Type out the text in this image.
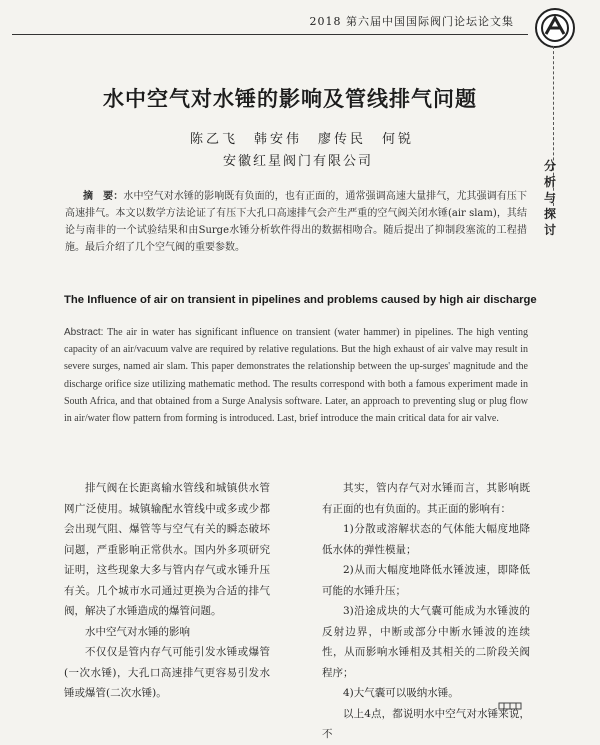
2018 第六届中国国际阀门论坛论文集
分析与探讨
水中空气对水锤的影响及管线排气问题
陈乙飞　韩安伟　廖传民　何锐
安徽红星阀门有限公司
摘　要：水中空气对水锤的影响既有负面的，也有正面的，通常强调高速大量排气，尤其强调有压下高速排气。本文以数学方法论证了有压下大孔口高速排气会产生严重的空气阀关闭水锤(air slam)，其结论与南非的一个试验结果和由Surge水锤分析软件得出的数据相吻合。随后提出了抑制段塞流的工程措施。最后介绍了几个空气阀的重要参数。
The Influence of air on transient in pipelines and problems caused by high air discharge
Abstract: The air in water has significant influence on transient (water hammer) in pipelines. The high venting capacity of an air/vacuum valve are required by relative regulations. But the high exhaust of air valve may result in severe surges, named air slam. This paper demonstrates the relationship between the up-surges' magnitude and the discharge orifice size utilizing mathematic method. The results correspond with both a famous experiment made in South Africa, and that obtained from a Surge Analysis software. Later, an approach to preventing slug or plug flow in air/water flow pattern from forming is introduced. Last, brief introduce the main critical data for air valve.

排气阀在长距离输水管线和城镇供水管网广泛使用。城镇输配水管线中或多或少都会出现气阻、爆管等与空气有关的瞬态破坏问题，严重影响正常供水。国内外多项研究证明，这些现象大多与管内存气或水锤升压有关。几个城市水司通过更换为合适的排气阀，解决了水锤造成的爆管问题。

水中空气对水锤的影响

不仅仅是管内存气可能引发水锤或爆管(一次水锤)，大孔口高速排气更容易引发水锤或爆管(二次水锤)。

其实，管内存气对水锤而言，其影响既有正面的也有负面的。其正面的影响有：

1)分散或溶解状态的气体能大幅度地降低水体的弹性模量；

2)从而大幅度地降低水锤波速，即降低可能的水锤升压；

3)沿途成块的大气囊可能成为水锤波的反射边界，中断或部分中断水锤波的连续性，从而影响水锤相及其相关的二阶段关阀程序；

4)大气囊可以吸纳水锤。

以上4点，都说明水中空气对水锤来说，不
